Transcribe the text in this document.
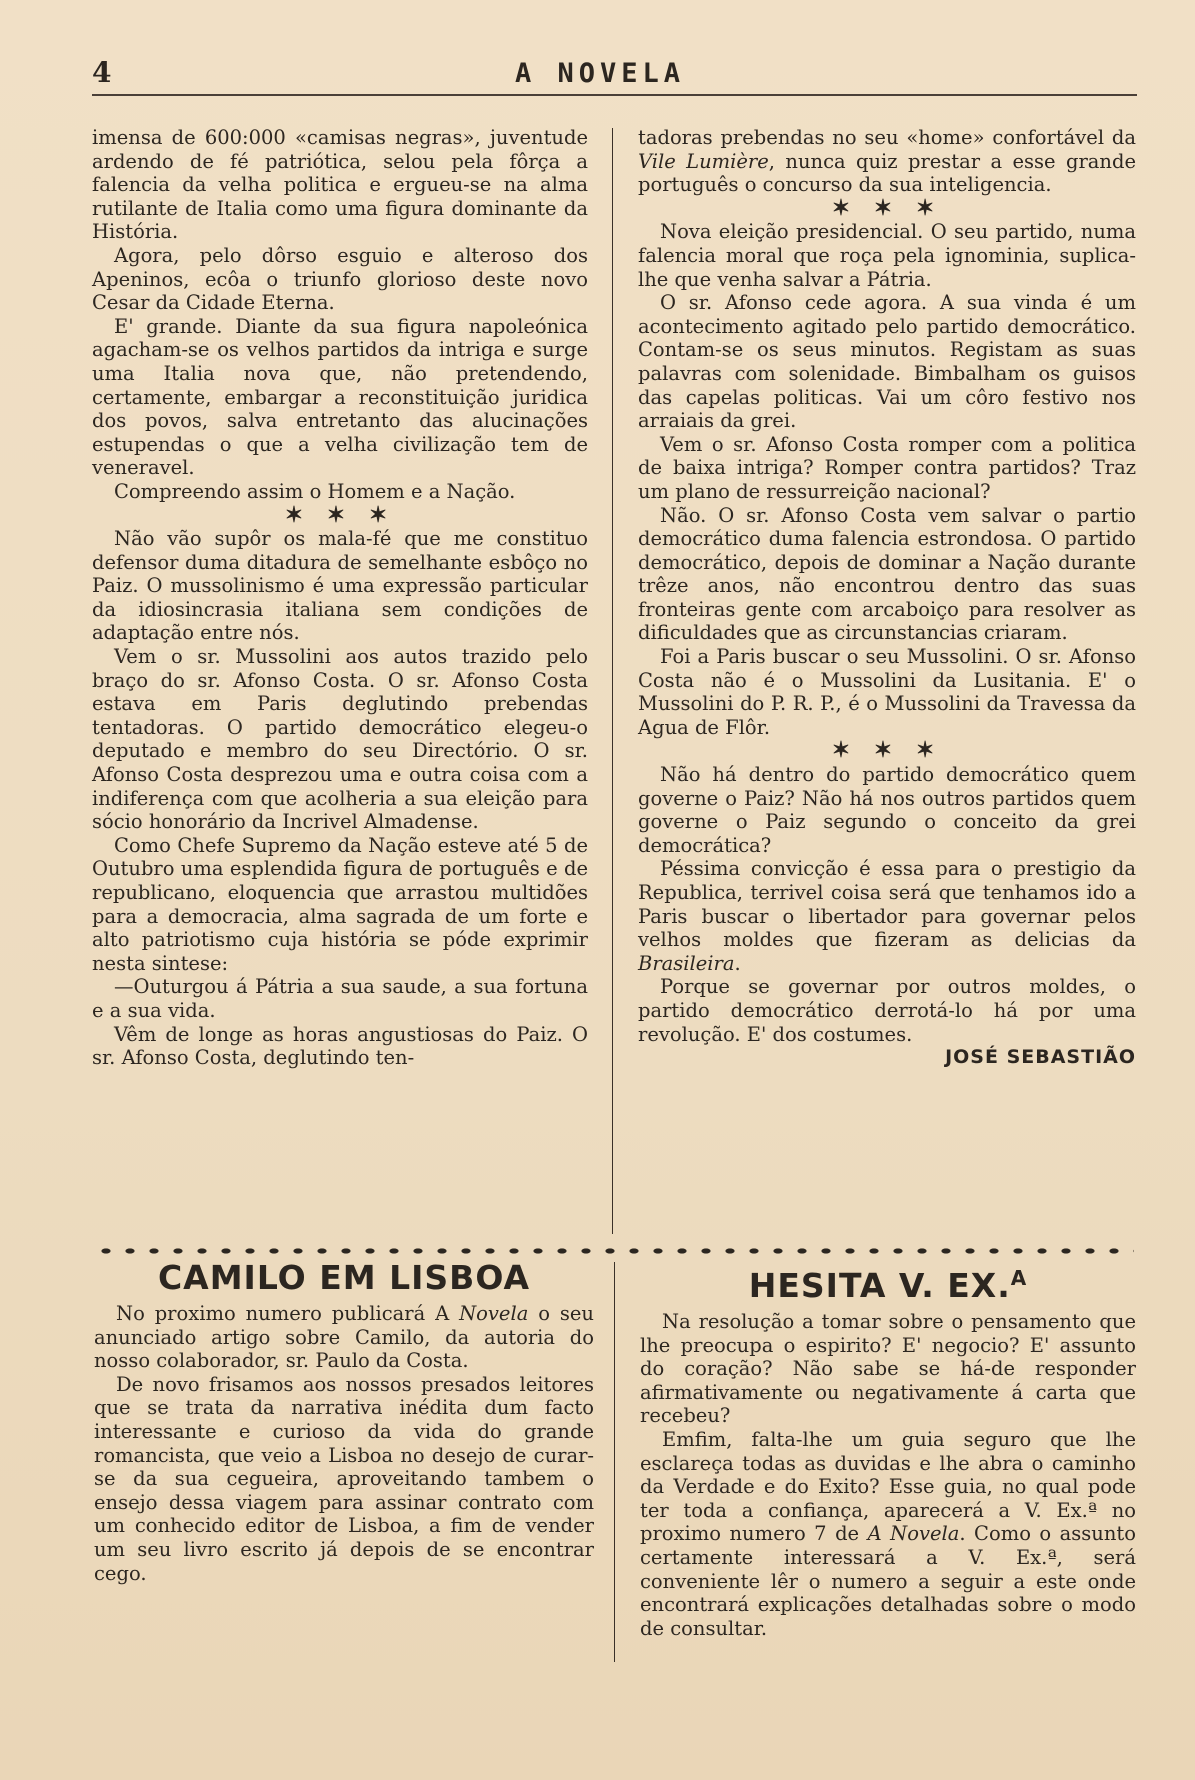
4	A NOVELA

imensa de 600:000 «camisas negras», juventude ardendo de fé patriótica, selou pela fôrça a falencia da velha politica e ergueu-se na alma rutilante de Italia como uma figura dominante da História.

Agora, pelo dôrso esguio e alteroso dos Apeninos, ecôa o triunfo glorioso deste novo Cesar da Cidade Eterna.

E' grande. Diante da sua figura napoleónica agacham-se os velhos partidos da intriga e surge uma Italia nova que, não pretendendo, certamente, embargar a reconstituição juridica dos povos, salva entretanto das alucinações estupendas o que a velha civilização tem de veneravel.

Compreendo assim o Homem e a Nação.

✶ ✶ ✶

Não vão supôr os mala-fé que me constituo defensor duma ditadura de semelhante esbôço no Paiz. O mussolinismo é uma expressão particular da idiosincrasia italiana sem condições de adaptação entre nós.

Vem o sr. Mussolini aos autos trazido pelo braço do sr. Afonso Costa. O sr. Afonso Costa estava em Paris deglutindo prebendas tentadoras. O partido democrático elegeu-o deputado e membro do seu Directório. O sr. Afonso Costa desprezou uma e outra coisa com a indiferença com que acolheria a sua eleição para sócio honorário da Incrivel Almadense.

Como Chefe Supremo da Nação esteve até 5 de Outubro uma esplendida figura de português e de republicano, eloquencia que arrastou multidões para a democracia, alma sagrada de um forte e alto patriotismo cuja história se póde exprimir nesta sintese:

—Outurgou á Pátria a sua saude, a sua fortuna e a sua vida.

Vêm de longe as horas angustiosas do Paiz. O sr. Afonso Costa, deglutindo ten-

tadoras prebendas no seu «home» confortável da Vile Lumière, nunca quiz prestar a esse grande português o concurso da sua inteligencia.

✶ ✶ ✶

Nova eleição presidencial. O seu partido, numa falencia moral que roça pela ignominia, suplica-lhe que venha salvar a Pátria.

O sr. Afonso cede agora. A sua vinda é um acontecimento agitado pelo partido democrático. Contam-se os seus minutos. Registam as suas palavras com solenidade. Bimbalham os guisos das capelas politicas. Vai um côro festivo nos arraiais da grei.

Vem o sr. Afonso Costa romper com a politica de baixa intriga? Romper contra partidos? Traz um plano de ressurreição nacional?

Não. O sr. Afonso Costa vem salvar o partio democrático duma falencia estrondosa. O partido democrático, depois de dominar a Nação durante trêze anos, não encontrou dentro das suas fronteiras gente com arcaboiço para resolver as dificuldades que as circunstancias criaram.

Foi a Paris buscar o seu Mussolini. O sr. Afonso Costa não é o Mussolini da Lusitania. E' o Mussolini do P. R. P., é o Mussolini da Travessa da Agua de Flôr.

✶ ✶ ✶

Não há dentro do partido democrático quem governe o Paiz? Não há nos outros partidos quem governe o Paiz segundo o conceito da grei democrática?

Péssima convicção é essa para o prestigio da Republica, terrivel coisa será que tenhamos ido a Paris buscar o libertador para governar pelos velhos moldes que fizeram as delicias da Brasileira.

Porque se governar por outros moldes, o partido democrático derrotá-lo há por uma revolução. E' dos costumes.

JOSÉ SEBASTIÃO
CAMILO EM LISBOA

No proximo numero publicará A Novela o seu anunciado artigo sobre Camilo, da autoria do nosso colaborador, sr. Paulo da Costa.

De novo frisamos aos nossos presados leitores que se trata da narrativa inédita dum facto interessante e curioso da vida do grande romancista, que veio a Lisboa no desejo de curar-se da sua cegueira, aproveitando tambem o ensejo dessa viagem para assinar contrato com um conhecido editor de Lisboa, a fim de vender um seu livro escrito já depois de se encontrar cego.

HESITA V. EX.$^A$

Na resolução a tomar sobre o pensamento que lhe preocupa o espirito? E' negocio? E' assunto do coração? Não sabe se há-de responder afirmativamente ou negativamente á carta que recebeu?

Emfim, falta-lhe um guia seguro que lhe esclareça todas as duvidas e lhe abra o caminho da Verdade e do Exito? Esse guia, no qual pode ter toda a confiança, aparecerá a V. Ex.ª no proximo numero 7 de A Novela. Como o assunto certamente interessará a V. Ex.ª, será conveniente lêr o numero a seguir a este onde encontrará explicações detalhadas sobre o modo de consultar.
